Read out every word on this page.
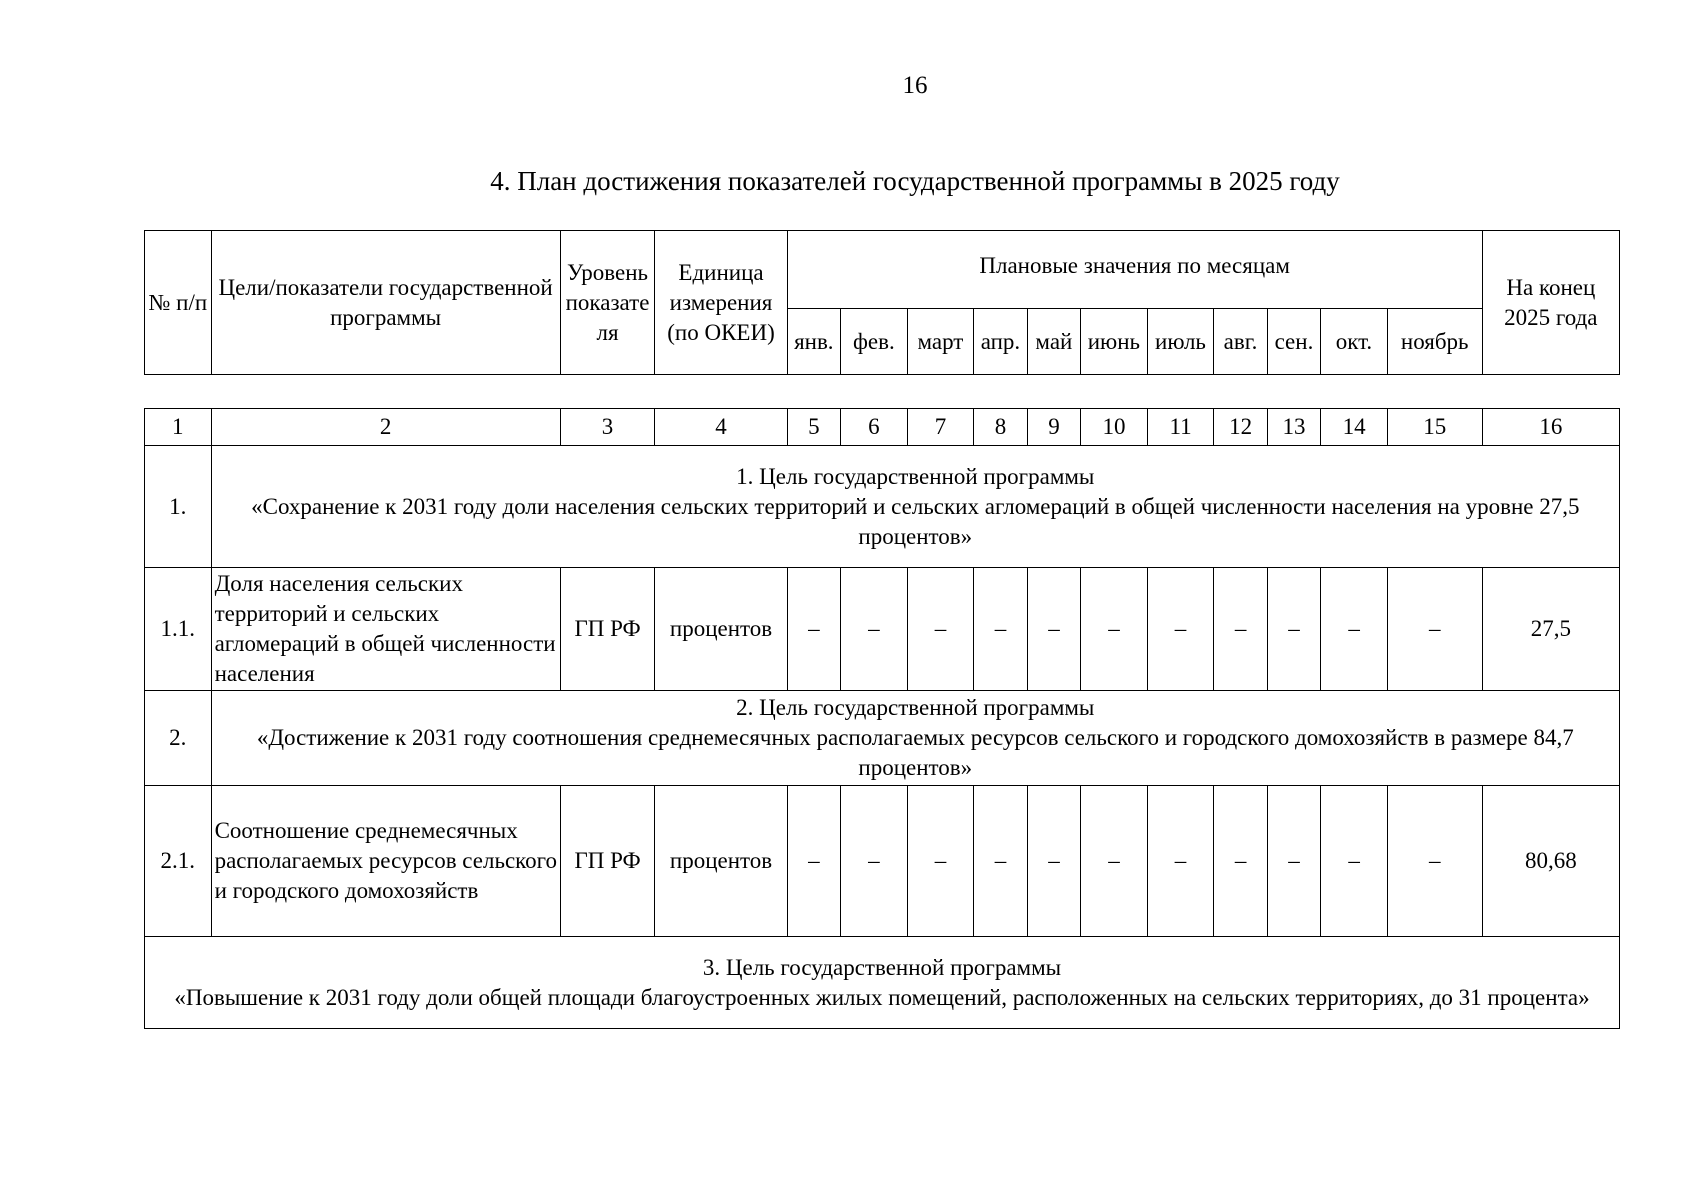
16
4. План достижения показателей государственной программы в 2025 году
№ п/п	Цели/показатели государственной программы	Уровень показателя	Единица измерения (по ОКЕИ)	Плановые значения по месяцам											На конец 2025 года
				янв.	фев.	март	апр.	май	июнь	июль	авг.	сен.	окт.	ноябрь	
1	2	3	4	5	6	7	8	9	10	11	12	13	14	15	16
1.	1. Цель государственной программы
«Сохранение к 2031 году доли населения сельских территорий и сельских агломераций в общей численности населения на уровне 27,5 процентов»														

1.1.	Доля населения сельских территорий и сельских агломераций в общей численности населения	ГП РФ	процентов	–	–	–	–	–	–	–	–	–	–	–	27,5
2.	2. Цель государственной программы
«Достижение к 2031 году соотношения среднемесячных располагаемых ресурсов сельского и городского домохозяйств в размере 84,7 процентов»														

2.1.	Соотношение среднемесячных располагаемых ресурсов сельского и городского домохозяйств	ГП РФ	процентов	–	–	–	–	–	–	–	–	–	–	–	80,68

3. Цель государственной программы
«Повышение к 2031 году доли общей площади благоустроенных жилых помещений, расположенных на сельских территориях, до 31 процента»															
